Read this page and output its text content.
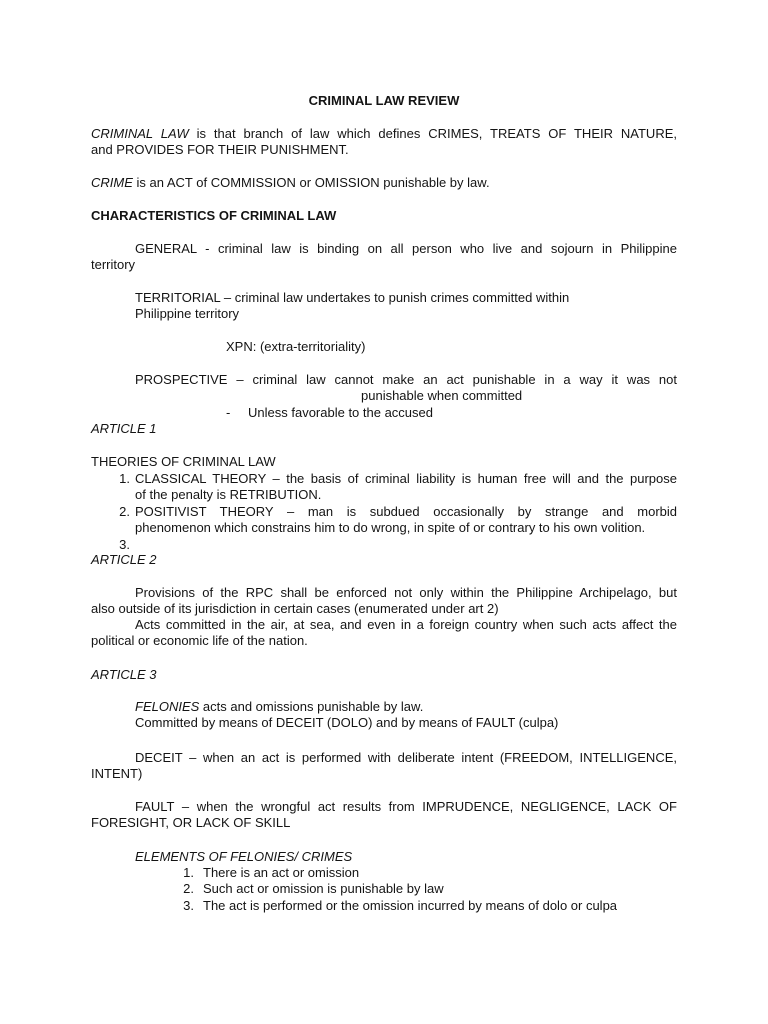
CRIMINAL LAW REVIEW
CRIMINAL LAW is that branch of law which defines CRIMES, TREATS OF THEIR NATURE,
and PROVIDES FOR THEIR PUNISHMENT.
CRIME is an ACT of COMMISSION or OMISSION punishable by law.
CHARACTERISTICS OF CRIMINAL LAW
GENERAL - criminal law is binding on all person who live and sojourn in Philippine
territory
TERRITORIAL – criminal law undertakes to punish crimes committed within
Philippine territory
XPN: (extra-territoriality)
PROSPECTIVE – criminal law cannot make an act punishable in a way it was not
punishable when committed
- Unless favorable to the accused
ARTICLE 1
THEORIES OF CRIMINAL LAW
1. CLASSICAL THEORY – the basis of criminal liability is human free will and the purpose
of the penalty is RETRIBUTION.
2. POSITIVIST THEORY – man is subdued occasionally by strange and morbid
phenomenon which constrains him to do wrong, in spite of or contrary to his own volition.
3.
ARTICLE 2
Provisions of the RPC shall be enforced not only within the Philippine Archipelago, but
also outside of its jurisdiction in certain cases (enumerated under art 2)
Acts committed in the air, at sea, and even in a foreign country when such acts affect the
political or economic life of the nation.
ARTICLE 3
FELONIES acts and omissions punishable by law.
Committed by means of DECEIT (DOLO) and by means of FAULT (culpa)
DECEIT – when an act is performed with deliberate intent (FREEDOM, INTELLIGENCE,
INTENT)
FAULT – when the wrongful act results from IMPRUDENCE, NEGLIGENCE, LACK OF
FORESIGHT, OR LACK OF SKILL
ELEMENTS OF FELONIES/ CRIMES
1. There is an act or omission
2. Such act or omission is punishable by law
3. The act is performed or the omission incurred by means of dolo or culpa
